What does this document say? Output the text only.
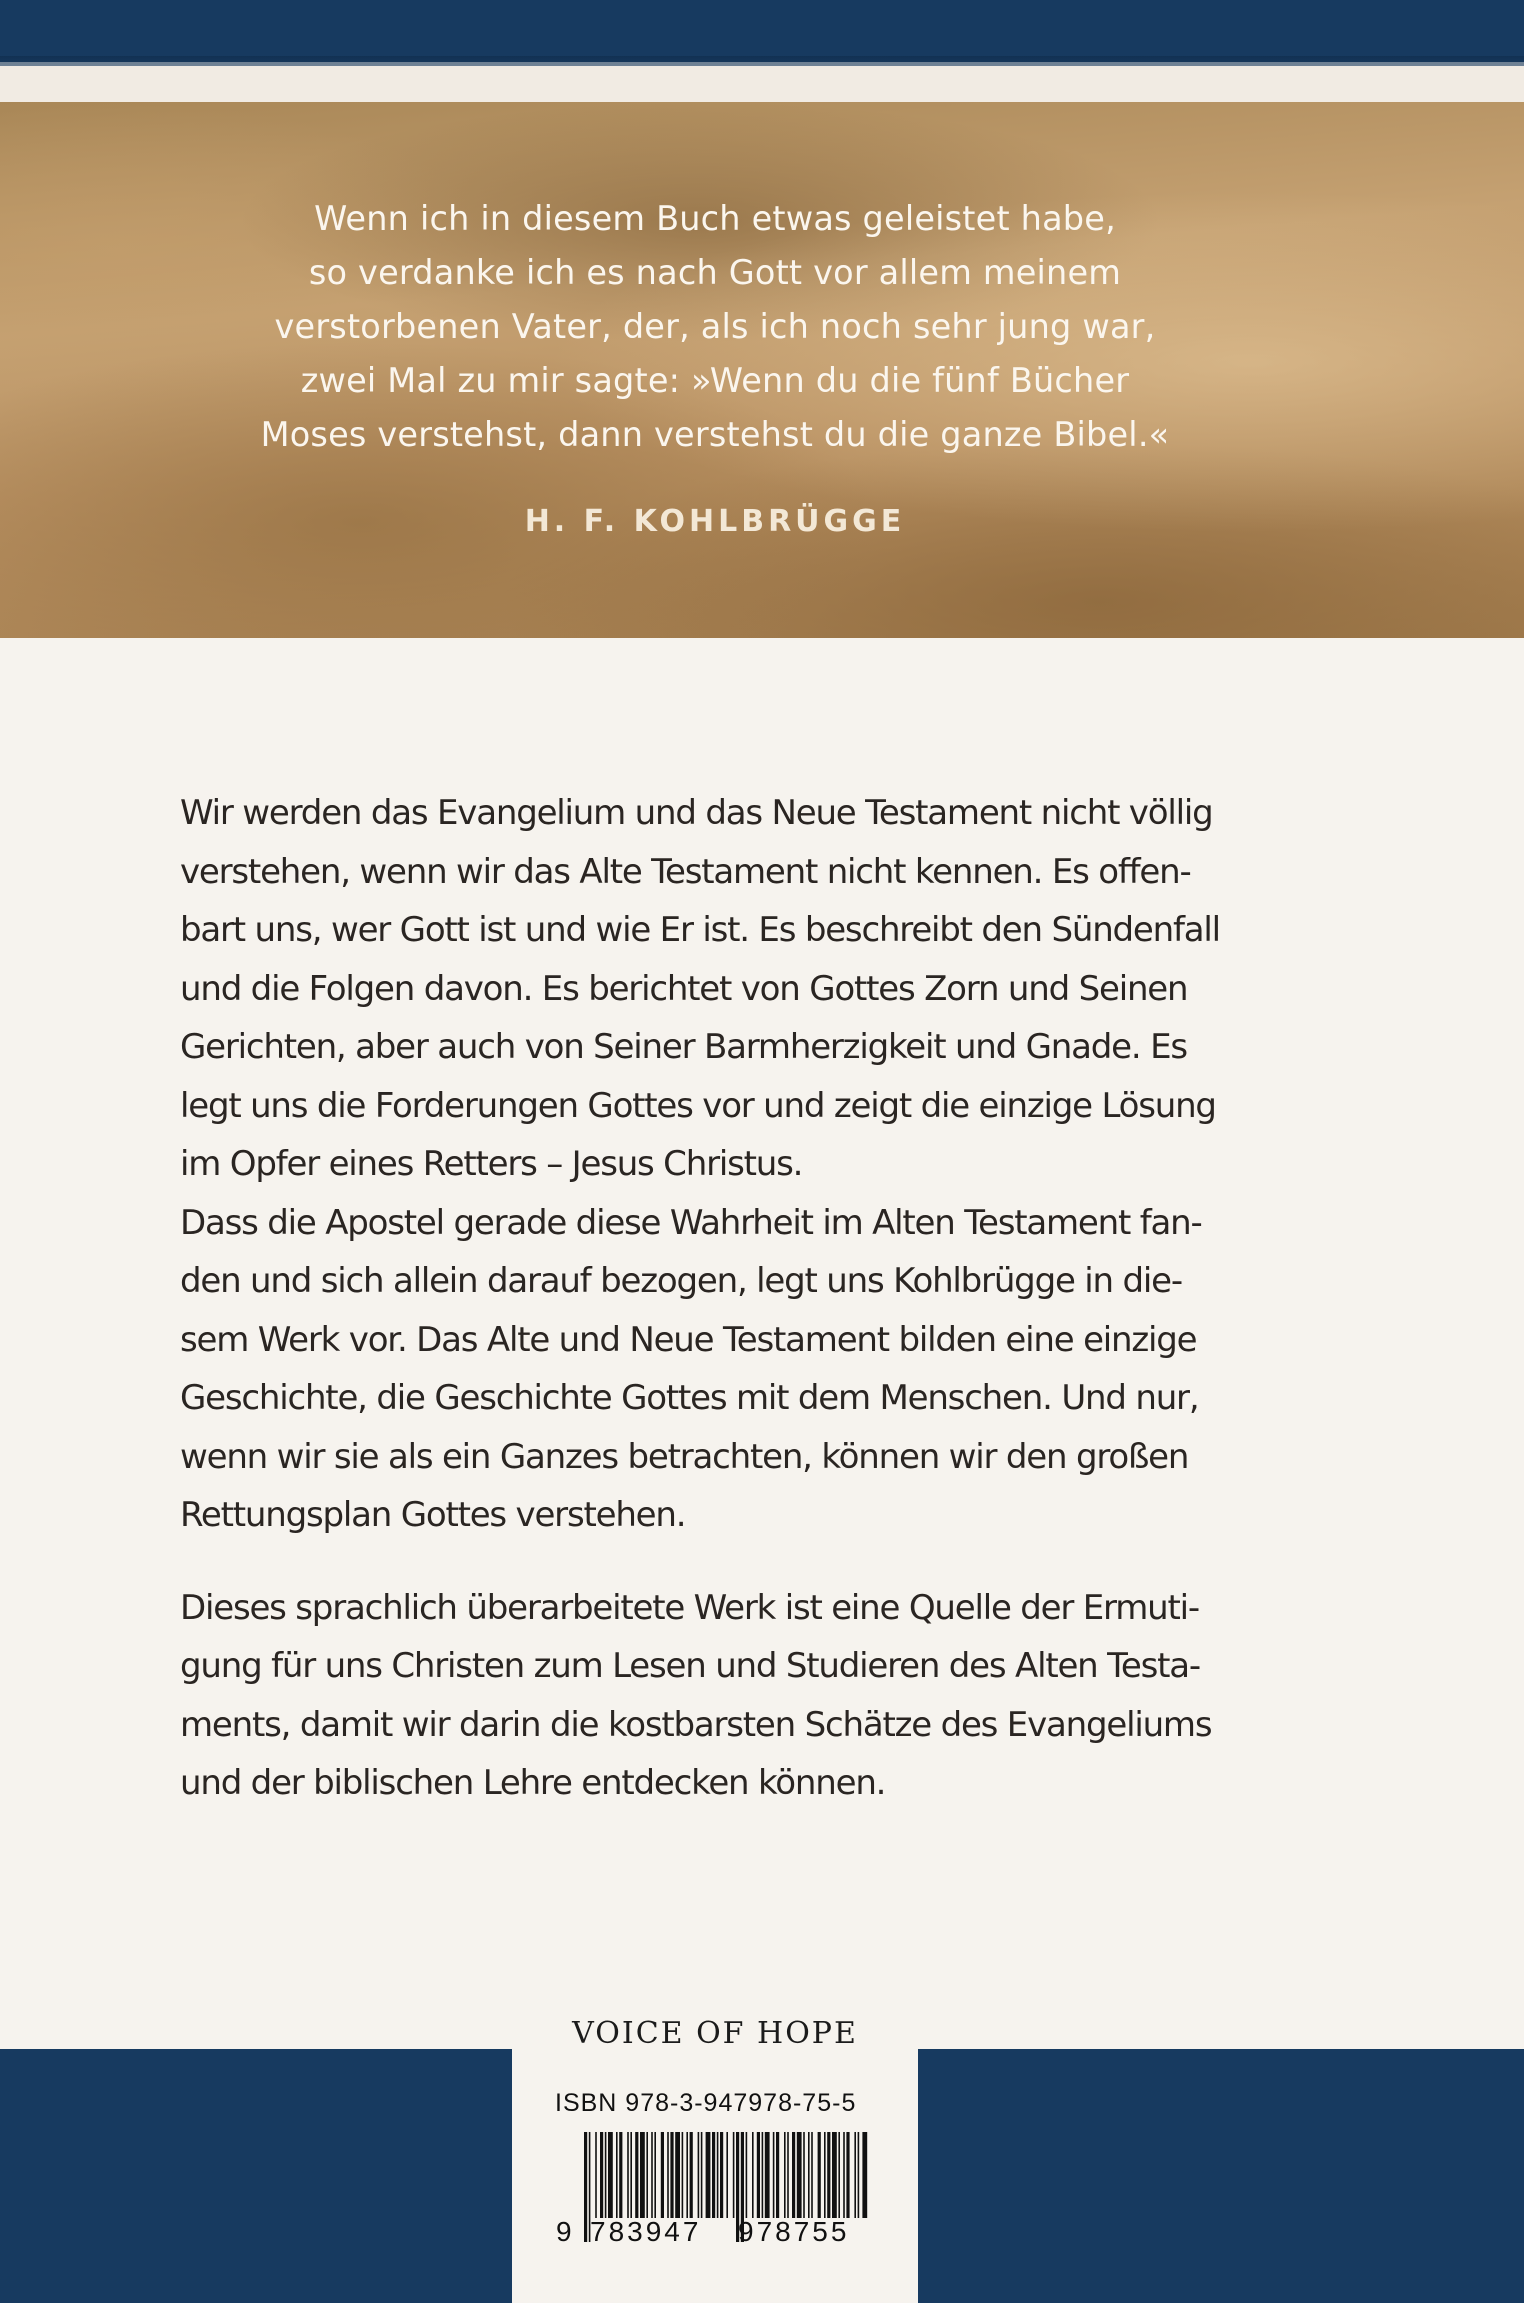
Wenn ich in diesem Buch etwas geleistet habe,
so verdanke ich es nach Gott vor allem meinem
verstorbenen Vater, der, als ich noch sehr jung war,
zwei Mal zu mir sagte: »Wenn du die fünf Bücher
Moses verstehst, dann verstehst du die ganze Bibel.«
H. F. KOHLBRÜGGE
Wir werden das Evangelium und das Neue Testament nicht völlig
verstehen, wenn wir das Alte Testament nicht kennen. Es offen-
bart uns, wer Gott ist und wie Er ist. Es beschreibt den Sündenfall
und die Folgen davon. Es berichtet von Gottes Zorn und Seinen
Gerichten, aber auch von Seiner Barmherzigkeit und Gnade. Es
legt uns die Forderungen Gottes vor und zeigt die einzige Lösung
im Opfer eines Retters – Jesus Christus.
Dass die Apostel gerade diese Wahrheit im Alten Testament fan-
den und sich allein darauf bezogen, legt uns Kohlbrügge in die-
sem Werk vor. Das Alte und Neue Testament bilden eine einzige
Geschichte, die Geschichte Gottes mit dem Menschen. Und nur,
wenn wir sie als ein Ganzes betrachten, können wir den großen
Rettungsplan Gottes verstehen.
Dieses sprachlich überarbeitete Werk ist eine Quelle der Ermuti-
gung für uns Christen zum Lesen und Studieren des Alten Testa-
ments, damit wir darin die kostbarsten Schätze des Evangeliums
und der biblischen Lehre entdecken können.
VOICE OF HOPE
ISBN 978-3-947978-75-5
9 783947 978755
